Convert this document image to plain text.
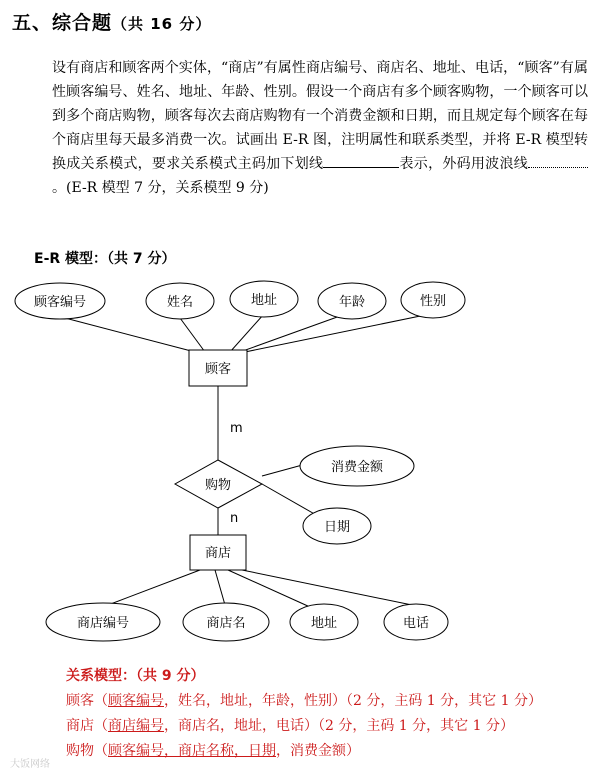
五、综合题（共 16 分）
设有商店和顾客两个实体，“商店”有属性商店编号、商店名、地址、电话，“顾客”有属性顾客编号、姓名、地址、年龄、性别。假设一个商店有多个顾客购物，一个顾客可以到多个商店购物，顾客每次去商店购物有一个消费金额和日期，而且规定每个顾客在每个商店里每天最多消费一次。试画出 E-R 图，注明属性和联系类型，并将 E-R 模型转换成关系模式，要求关系模式主码加下划线	表示，外码用波浪线。(E-R 模型 7 分，关系模型 9 分)
E-R 模型：（共 7 分）
顾客
顾客编号	姓名	地址	年龄	性别
m
n
购物
消费金额
日期
商店
商店编号	商店名	地址	电话
关系模型：（共 9 分）
顾客（顾客编号，姓名，地址，年龄，性别）（2 分，主码 1 分，其它 1 分）
商店（商店编号，商店名，地址，电话）（2 分，主码 1 分，其它 1 分）
购物（顾客编号，商店名称，日期，消费金额）
大饭网络
